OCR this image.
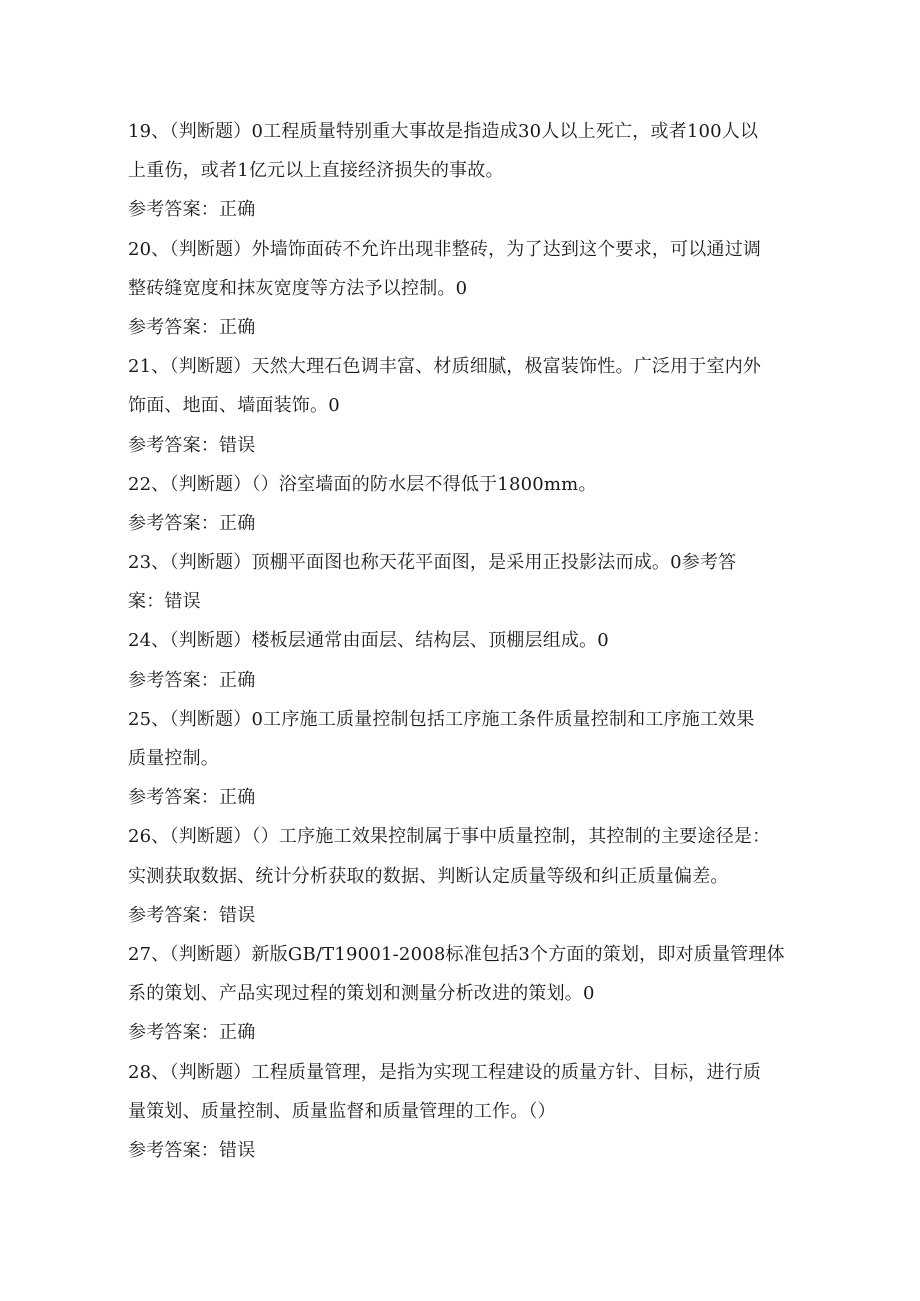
19、（判断题）0工程质量特别重大事故是指造成30人以上死亡，或者100人以
上重伤，或者1亿元以上直接经济损失的事故。
参考答案：正确
20、（判断题）外墙饰面砖不允许出现非整砖，为了达到这个要求，可以通过调
整砖缝宽度和抹灰宽度等方法予以控制。0
参考答案：正确
21、（判断题）天然大理石色调丰富、材质细腻，极富装饰性。广泛用于室内外
饰面、地面、墙面装饰。0
参考答案：错误
22、（判断题）（）浴室墙面的防水层不得低于1800mm。
参考答案：正确
23、（判断题）顶棚平面图也称天花平面图，是采用正投影法而成。0参考答
案：错误
24、（判断题）楼板层通常由面层、结构层、顶棚层组成。0
参考答案：正确
25、（判断题）0工序施工质量控制包括工序施工条件质量控制和工序施工效果
质量控制。
参考答案：正确
26、（判断题）（）工序施工效果控制属于事中质量控制，其控制的主要途径是：
实测获取数据、统计分析获取的数据、判断认定质量等级和纠正质量偏差。
参考答案：错误
27、（判断题）新版GB/T19001-2008标准包括3个方面的策划，即对质量管理体
系的策划、产品实现过程的策划和测量分析改进的策划。0
参考答案：正确
28、（判断题）工程质量管理，是指为实现工程建设的质量方针、目标，进行质
量策划、质量控制、质量监督和质量管理的工作。（）
参考答案：错误
